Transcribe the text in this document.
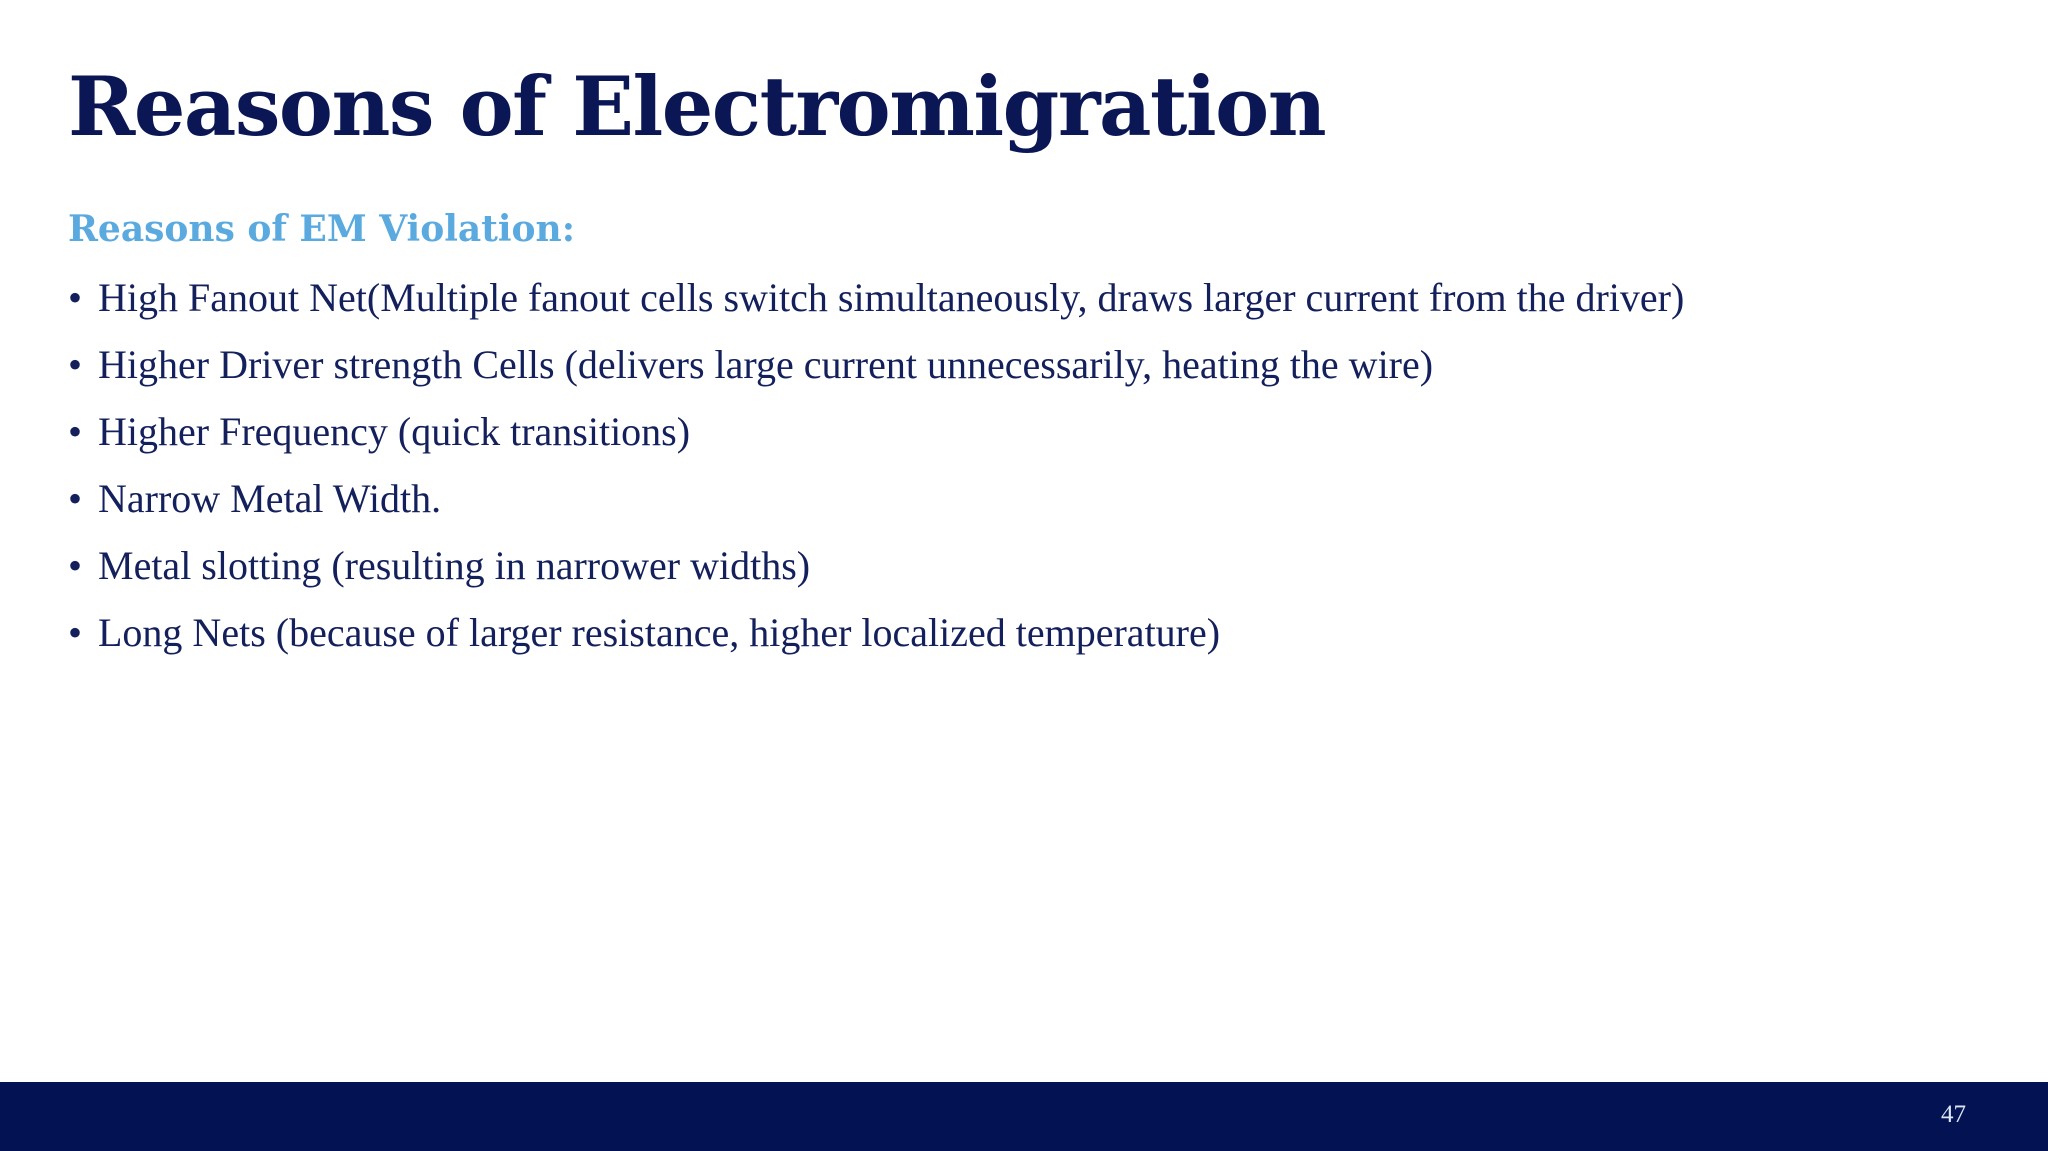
Reasons of Electromigration
Reasons of EM Violation:
• High Fanout Net(Multiple fanout cells switch simultaneously, draws larger current from the driver)
• Higher Driver strength Cells (delivers large current unnecessarily, heating the wire)
• Higher Frequency (quick transitions)
• Narrow Metal Width.
• Metal slotting (resulting in narrower widths)
• Long Nets (because of larger resistance, higher localized temperature)
47
